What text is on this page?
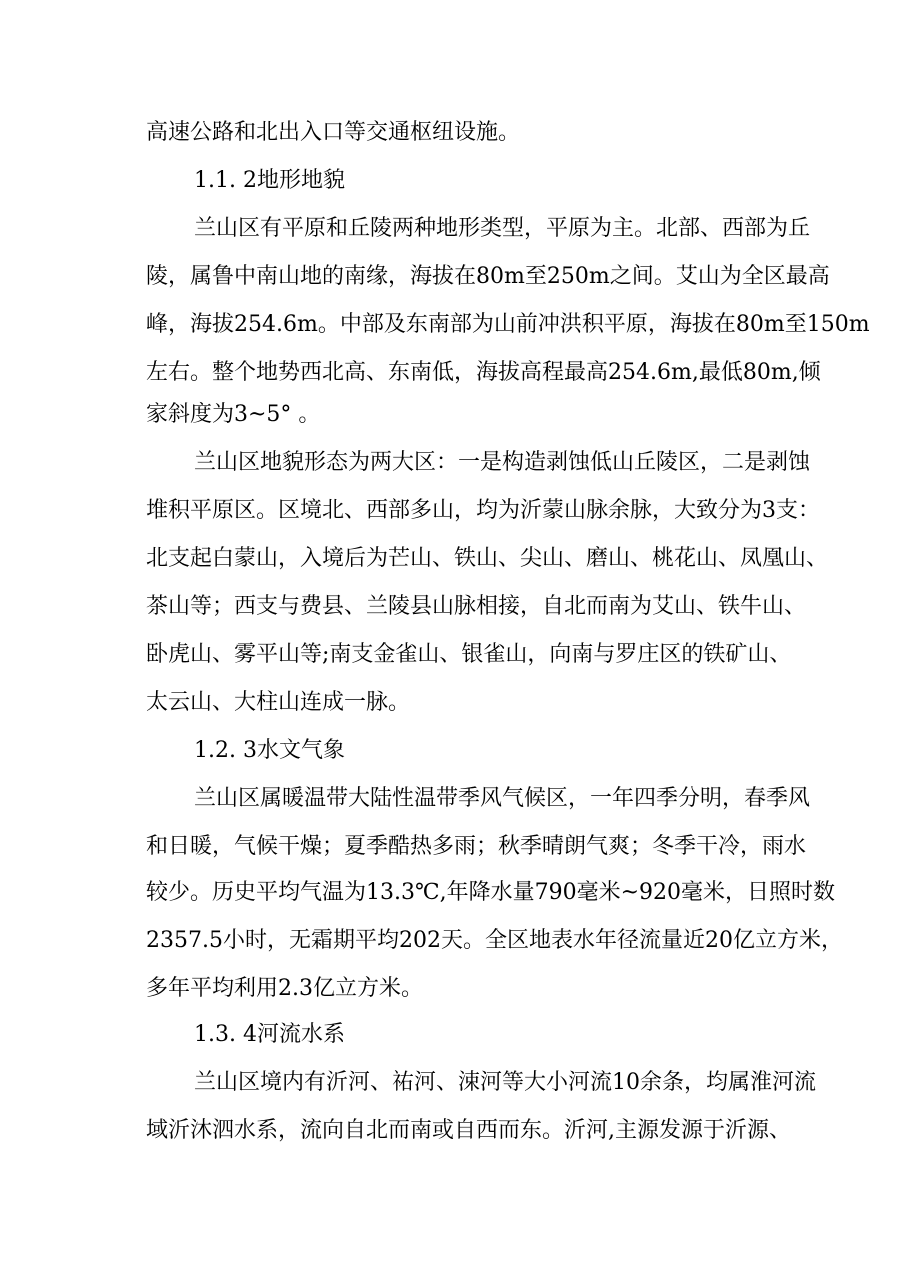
高速公路和北出入口等交通枢纽设施。
1.1. 2地形地貌
兰山区有平原和丘陵两种地形类型，平原为主。北部、西部为丘
陵，属鲁中南山地的南缘，海拔在80m至250m之间。艾山为全区最高
峰，海拔254.6m。中部及东南部为山前冲洪积平原，海拔在80m至150m
左右。整个地势西北高、东南低，海拔高程最高254.6m,最低80m,倾
家斜度为3~5° 。
兰山区地貌形态为两大区：一是构造剥蚀低山丘陵区，二是剥蚀
堆积平原区。区境北、西部多山，均为沂蒙山脉余脉，大致分为3支：
北支起白蒙山，入境后为芒山、铁山、尖山、磨山、桃花山、凤凰山、
茶山等；西支与费县、兰陵县山脉相接，自北而南为艾山、铁牛山、
卧虎山、雾平山等;南支金雀山、银雀山，向南与罗庄区的铁矿山、
太云山、大柱山连成一脉。
1.2. 3水文气象
兰山区属暖温带大陆性温带季风气候区，一年四季分明，春季风
和日暖，气候干燥；夏季酷热多雨；秋季晴朗气爽；冬季干冷，雨水
较少。历史平均气温为13.3℃,年降水量790毫米~920毫米，日照时数
2357.5小时，无霜期平均202天。全区地表水年径流量近20亿立方米，
多年平均利用2.3亿立方米。
1.3. 4河流水系
兰山区境内有沂河、祐河、涑河等大小河流10余条，均属淮河流
域沂沐泗水系，流向自北而南或自西而东。沂河,主源发源于沂源、
